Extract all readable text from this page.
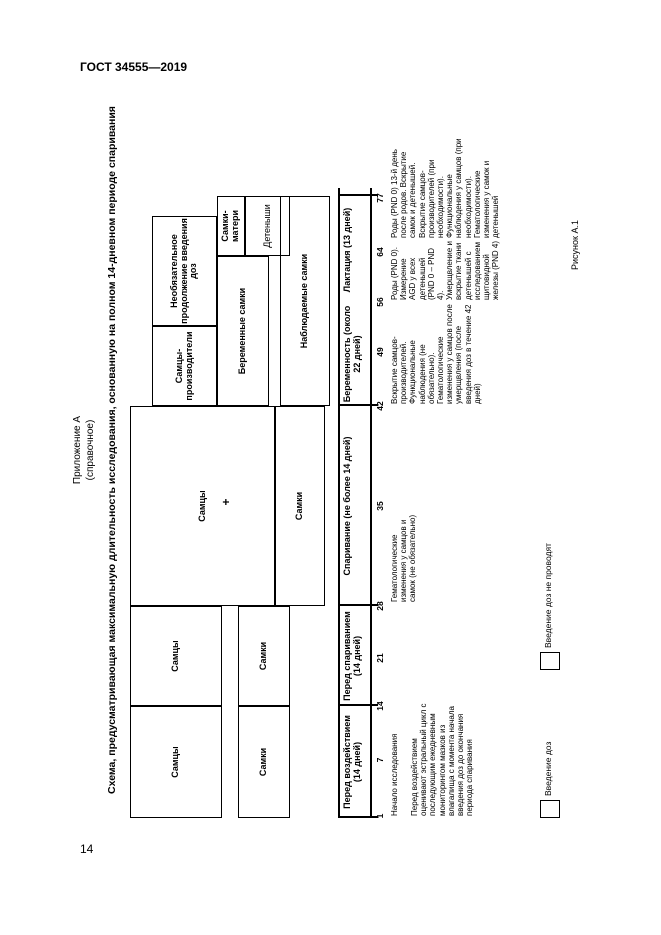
ГОСТ 34555—2019
14
Приложение А (справочное) Схема, предусматривающая максимальную длительность исследования, основанную на полном 14-дневном периоде спаривания	Самцы
Самцы
Самцы	+
Самки
Самки
Самки
Самцы-производители
Необязательное продолжение введения доз
Беременные самки
Самки-матери	Детеныши
Наблюдаемые самки
Перед воздействием (14 дней)
Перед спариванием (14 дней)
Спаривание (не более 14 дней)
Беременность (около 22 дней)
Лактация (13 дней)
1
7
14
21
28
35
42
49
56
64
77
Начало исследования Перед воздействием оценивают эстральный цикл с последующим ежедневным мониторингом мазков из влагалища с момента начала введения доз до окончания периода спаривания
Гематологические изменения у самцов и самок (не обязательно)
Вскрытие самцов-производителей. Функциональные наблюдения (не обязательно). Гематологические изменения у самцов после умерщвления (после введения доз в течение 42 дней)
Роды (PND 0). Измерение AGD у всех детенышей (PND 0 – PND 4). Умерщвление и вскрытие ткани детенышей с исследованием щитовидной железы (PND 4)
Роды (PND 0) 13-й день после родов. Вскрытие самок и детенышей. Вскрытие самцов-производителей (при необходимости). Функциональные наблюдения у самцов (при необходимости). Гематологические изменения у самок и детенышей
Введение доз
Введение доз не проводят
Рисунок А.1
